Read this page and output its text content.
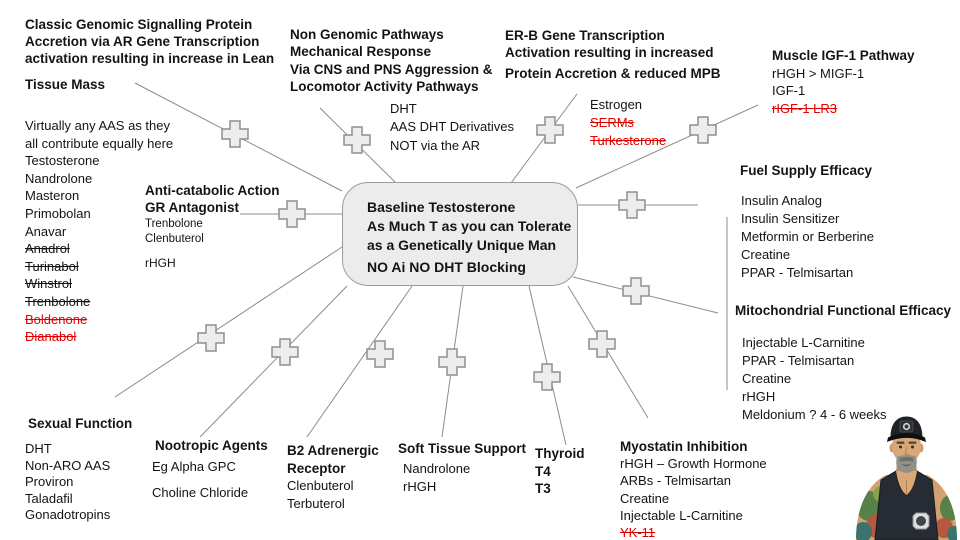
Baseline Testosterone
As Much T as you can Tolerate
as a Genetically Unique Man
NO Ai NO DHT Blocking
Classic Genomic Signalling Protein
Accretion via AR Gene Transcription
activation resulting in increase in Lean
Tissue Mass
Virtually any AAS as they
all contribute equally here
Testosterone
Nandrolone
Masteron
Primobolan
Anavar
Anadrol
Turinabol
Winstrol
Trenbolone
Boldenone
Dianabol
Anti-catabolic Action
GR Antagonist
Trenbolone
Clenbuterol
rHGH
Non Genomic Pathways
Mechanical Response
Via CNS and PNS Aggression &
Locomotor Activity Pathways
DHT
AAS DHT Derivatives
NOT via the AR
ER-B Gene Transcription
Activation resulting in increased
Protein Accretion & reduced MPB
Estrogen
SERMs
Turkesterone
Muscle IGF-1 Pathway
rHGH > MIGF-1
IGF-1
rIGF-1 LR3
Fuel Supply Efficacy
Insulin Analog
Insulin Sensitizer
Metformin or Berberine
Creatine
PPAR - Telmisartan
Mitochondrial Functional Efficacy
Injectable L-Carnitine
PPAR - Telmisartan
Creatine
rHGH
Meldonium ? 4 - 6 weeks
Sexual Function
DHT
Non-ARO AAS
Proviron
Taladafil
Gonadotropins
Nootropic Agents
Eg Alpha GPC
Choline Chloride
B2 Adrenergic
Receptor
Clenbuterol
Terbuterol
Soft Tissue Support
Nandrolone
rHGH
Thyroid
T4
T3
Myostatin Inhibition
rHGH – Growth Hormone
ARBs - Telmisartan
Creatine
Injectable L-Carnitine
YK-11
